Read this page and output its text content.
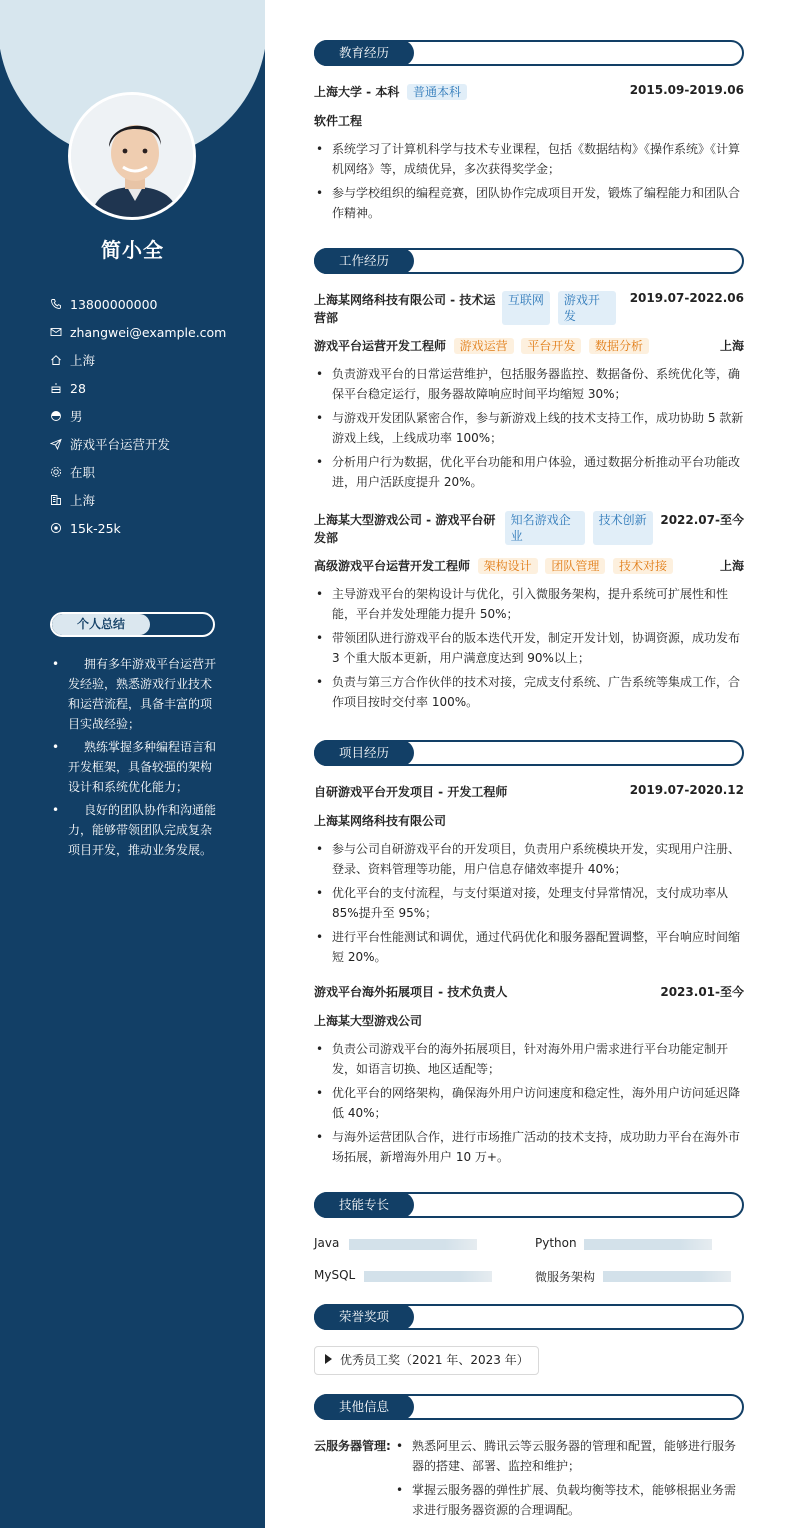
简小全
13800000000
zhangwei@example.com
上海
28
男
游戏平台运营开发
在职
上海
15k-25k
个人总结
• 拥有多年游戏平台运营开发经验，熟悉游戏行业技术和运营流程，具备丰富的项目实战经验；
• 熟练掌握多种编程语言和开发框架，具备较强的架构设计和系统优化能力；
• 良好的团队协作和沟通能力，能够带领团队完成复杂项目开发，推动业务发展。
教育经历
上海大学 - 本科 普通本科	2015.09-2019.06
软件工程
• 系统学习了计算机科学与技术专业课程，包括《数据结构》《操作系统》《计算机网络》等，成绩优异，多次获得奖学金；
• 参与学校组织的编程竞赛，团队协作完成项目开发，锻炼了编程能力和团队合作精神。
工作经历
上海某网络科技有限公司 - 技术运营部
互联网	游戏开发
2019.07-2022.06
游戏平台运营开发工程师 游戏运营 平台开发 数据分析	上海
• 负责游戏平台的日常运营维护，包括服务器监控、数据备份、系统优化等，确保平台稳定运行，服务器故障响应时间平均缩短 30%；
• 与游戏开发团队紧密合作，参与新游戏上线的技术支持工作，成功协助 5 款新游戏上线，上线成功率 100%；
• 分析用户行为数据，优化平台功能和用户体验，通过数据分析推动平台功能改进，用户活跃度提升 20%。
上海某大型游戏公司 - 游戏平台研发部
知名游戏企业
技术创新	2022.07-至今
高级游戏平台运营开发工程师 架构设计 团队管理 技术对接	上海
• 主导游戏平台的架构设计与优化，引入微服务架构，提升系统可扩展性和性能，平台并发处理能力提升 50%；
• 带领团队进行游戏平台的版本迭代开发，制定开发计划，协调资源，成功发布 3 个重大版本更新，用户满意度达到 90%以上；
• 负责与第三方合作伙伴的技术对接，完成支付系统、广告系统等集成工作，合作项目按时交付率 100%。
项目经历
自研游戏平台开发项目 - 开发工程师	2019.07-2020.12
上海某网络科技有限公司
• 参与公司自研游戏平台的开发项目，负责用户系统模块开发，实现用户注册、登录、资料管理等功能，用户信息存储效率提升 40%；
• 优化平台的支付流程，与支付渠道对接，处理支付异常情况，支付成功率从 85%提升至 95%；
• 进行平台性能测试和调优，通过代码优化和服务器配置调整，平台响应时间缩短 20%。
游戏平台海外拓展项目 - 技术负责人	2023.01-至今
上海某大型游戏公司
• 负责公司游戏平台的海外拓展项目，针对海外用户需求进行平台功能定制开发，如语言切换、地区适配等；
• 优化平台的网络架构，确保海外用户访问速度和稳定性，海外用户访问延迟降低 40%；
• 与海外运营团队合作，进行市场推广活动的技术支持，成功助力平台在海外市场拓展，新增海外用户 10 万+。
技能专长
Java	Python
MySQL	微服务架构
荣誉奖项
优秀员工奖（2021 年、2023 年）
其他信息
云服务器管理:
•	熟悉阿里云、腾讯云等云服务器的管理和配置，能够进行服务器的搭建、部署、监控和维护；
• 掌握云服务器的弹性扩展、负载均衡等技术，能够根据业务需求进行服务器资源的合理调配。
